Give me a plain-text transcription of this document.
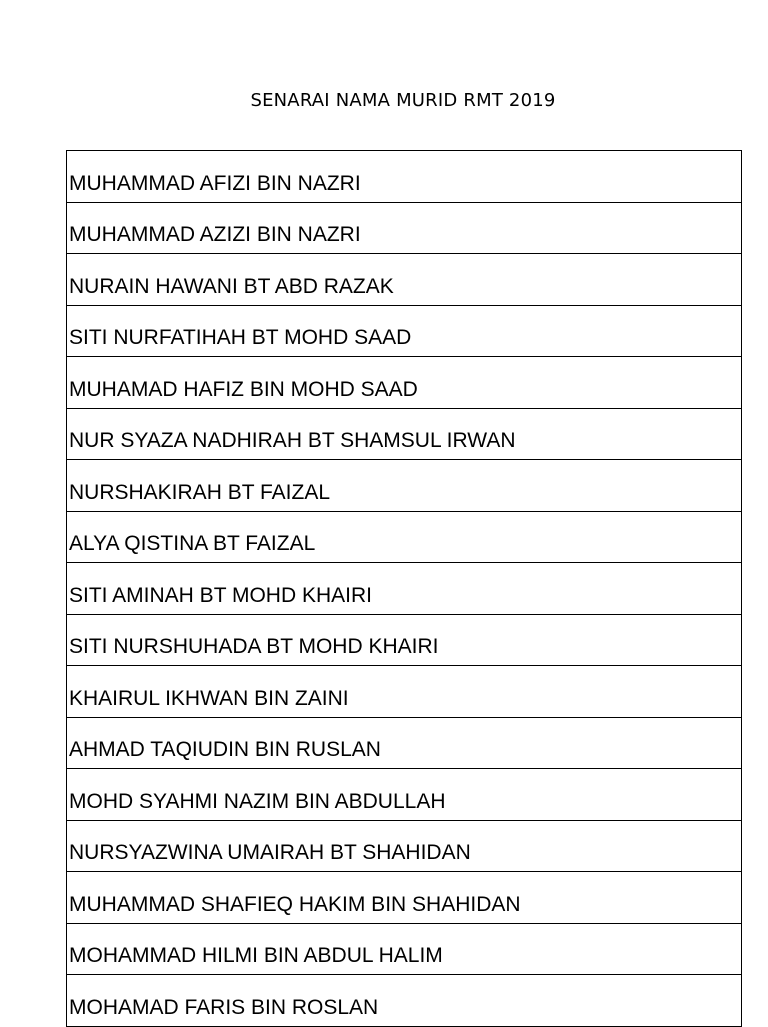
SENARAI NAMA MURID RMT 2019
MUHAMMAD AFIZI BIN NAZRI
MUHAMMAD AZIZI BIN NAZRI
NURAIN HAWANI BT ABD RAZAK
SITI NURFATIHAH BT MOHD SAAD
MUHAMAD HAFIZ BIN MOHD SAAD
NUR SYAZA NADHIRAH BT SHAMSUL IRWAN
NURSHAKIRAH BT FAIZAL
ALYA QISTINA BT FAIZAL
SITI AMINAH BT MOHD KHAIRI
SITI NURSHUHADA BT MOHD KHAIRI
KHAIRUL IKHWAN BIN ZAINI
AHMAD TAQIUDIN BIN RUSLAN
MOHD SYAHMI NAZIM BIN ABDULLAH
NURSYAZWINA UMAIRAH BT SHAHIDAN
MUHAMMAD SHAFIEQ HAKIM BIN SHAHIDAN
MOHAMMAD HILMI BIN ABDUL HALIM
MOHAMAD FARIS BIN ROSLAN
